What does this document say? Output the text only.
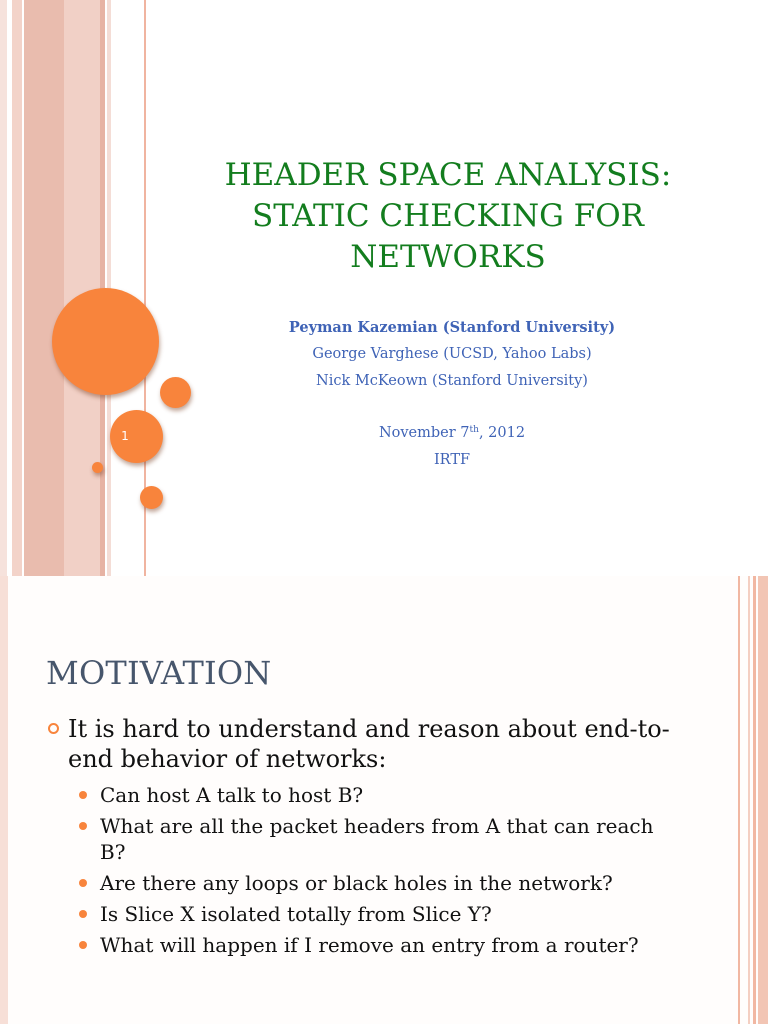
1
HEADER SPACE ANALYSIS:
STATIC CHECKING FOR
NETWORKS
Peyman Kazemian (Stanford University)
George Varghese (UCSD, Yahoo Labs)
Nick McKeown (Stanford University)
November 7th, 2012
IRTF
MOTIVATION
It is hard to understand and reason about end-to-end behavior of networks:
Can host A talk to host B?
What are all the packet headers from A that can reach B?
Are there any loops or black holes in the network?
Is Slice X isolated totally from Slice Y?
What will happen if I remove an entry from a router?
